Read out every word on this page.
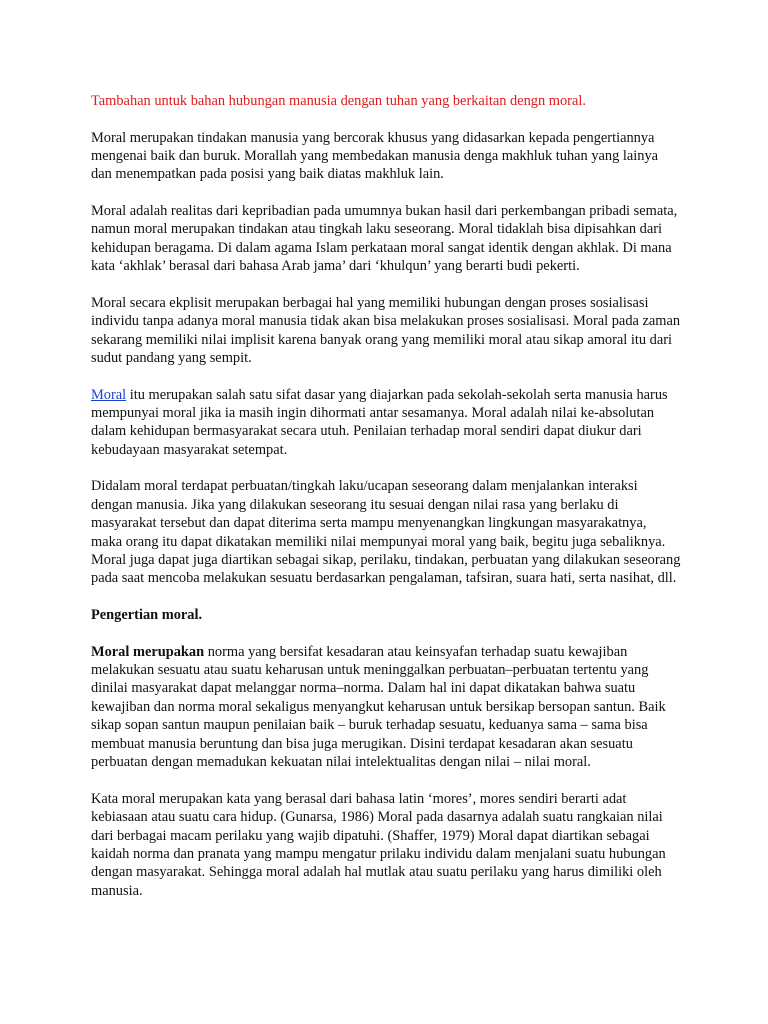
Tambahan untuk bahan hubungan manusia dengan tuhan yang berkaitan dengn moral.

Moral merupakan tindakan manusia yang bercorak khusus yang didasarkan kepada pengertiannya mengenai baik dan buruk. Morallah yang membedakan manusia denga makhluk tuhan yang lainya dan menempatkan pada posisi yang baik diatas makhluk lain.

Moral adalah realitas dari kepribadian pada umumnya bukan hasil dari perkembangan pribadi semata, namun moral merupakan tindakan atau tingkah laku seseorang. Moral tidaklah bisa dipisahkan dari kehidupan beragama. Di dalam agama Islam perkataan moral sangat identik dengan akhlak. Di mana kata ‘akhlak’ berasal dari bahasa Arab jama’ dari ‘khulqun’ yang berarti budi pekerti.

Moral secara ekplisit merupakan berbagai hal yang memiliki hubungan dengan proses sosialisasi individu tanpa adanya moral manusia tidak akan bisa melakukan proses sosialisasi. Moral pada zaman sekarang memiliki nilai implisit karena banyak orang yang memiliki moral atau sikap amoral itu dari sudut pandang yang sempit.

Moral itu merupakan salah satu sifat dasar yang diajarkan pada sekolah-sekolah serta manusia harus mempunyai moral jika ia masih ingin dihormati antar sesamanya. Moral adalah nilai ke-absolutan dalam kehidupan bermasyarakat secara utuh. Penilaian terhadap moral sendiri dapat diukur dari kebudayaan masyarakat setempat.

Didalam moral terdapat perbuatan/tingkah laku/ucapan seseorang dalam menjalankan interaksi dengan manusia. Jika yang dilakukan seseorang itu sesuai dengan nilai rasa yang berlaku di masyarakat tersebut dan dapat diterima serta mampu menyenangkan lingkungan masyarakatnya, maka orang itu dapat dikatakan memiliki nilai mempunyai moral yang baik, begitu juga sebaliknya. Moral juga dapat juga diartikan sebagai sikap, perilaku, tindakan, perbuatan yang dilakukan seseorang pada saat mencoba melakukan sesuatu berdasarkan pengalaman, tafsiran, suara hati, serta nasihat, dll.

Pengertian moral.

Moral merupakan norma yang bersifat kesadaran atau keinsyafan terhadap suatu kewajiban melakukan sesuatu atau suatu keharusan untuk meninggalkan perbuatan–perbuatan tertentu yang dinilai masyarakat dapat melanggar norma–norma. Dalam hal ini dapat dikatakan bahwa suatu kewajiban dan norma moral sekaligus menyangkut keharusan untuk bersikap bersopan santun. Baik sikap sopan santun maupun penilaian baik – buruk terhadap sesuatu, keduanya sama – sama bisa membuat manusia beruntung dan bisa juga merugikan. Disini terdapat kesadaran akan sesuatu perbuatan dengan memadukan kekuatan nilai intelektualitas dengan nilai – nilai moral.

Kata moral merupakan kata yang berasal dari bahasa latin ‘mores’, mores sendiri berarti adat kebiasaan atau suatu cara hidup. (Gunarsa, 1986) Moral pada dasarnya adalah suatu rangkaian nilai dari berbagai macam perilaku yang wajib dipatuhi. (Shaffer, 1979) Moral dapat diartikan sebagai kaidah norma dan pranata yang mampu mengatur prilaku individu dalam menjalani suatu hubungan dengan masyarakat. Sehingga moral adalah hal mutlak atau suatu perilaku yang harus dimiliki oleh manusia.
